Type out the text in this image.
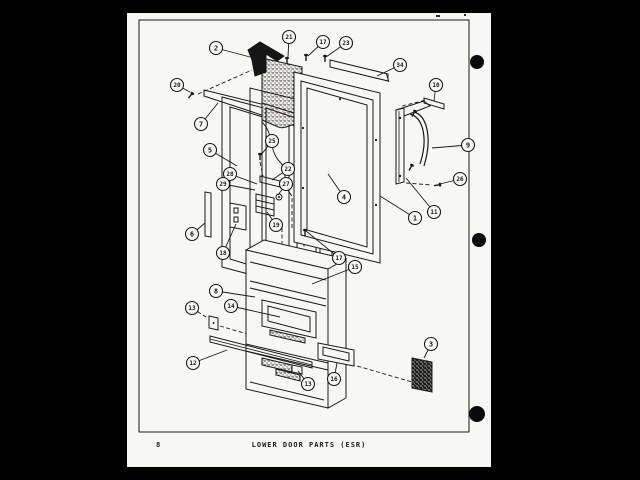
2
21
17	23
34
10
9
26
11
1
20
7
5
25
22
28
29	27
4
19
6
18
17
15
8
14
13
12
13
16
3
8	LOWER DOOR PARTS (ESR)
